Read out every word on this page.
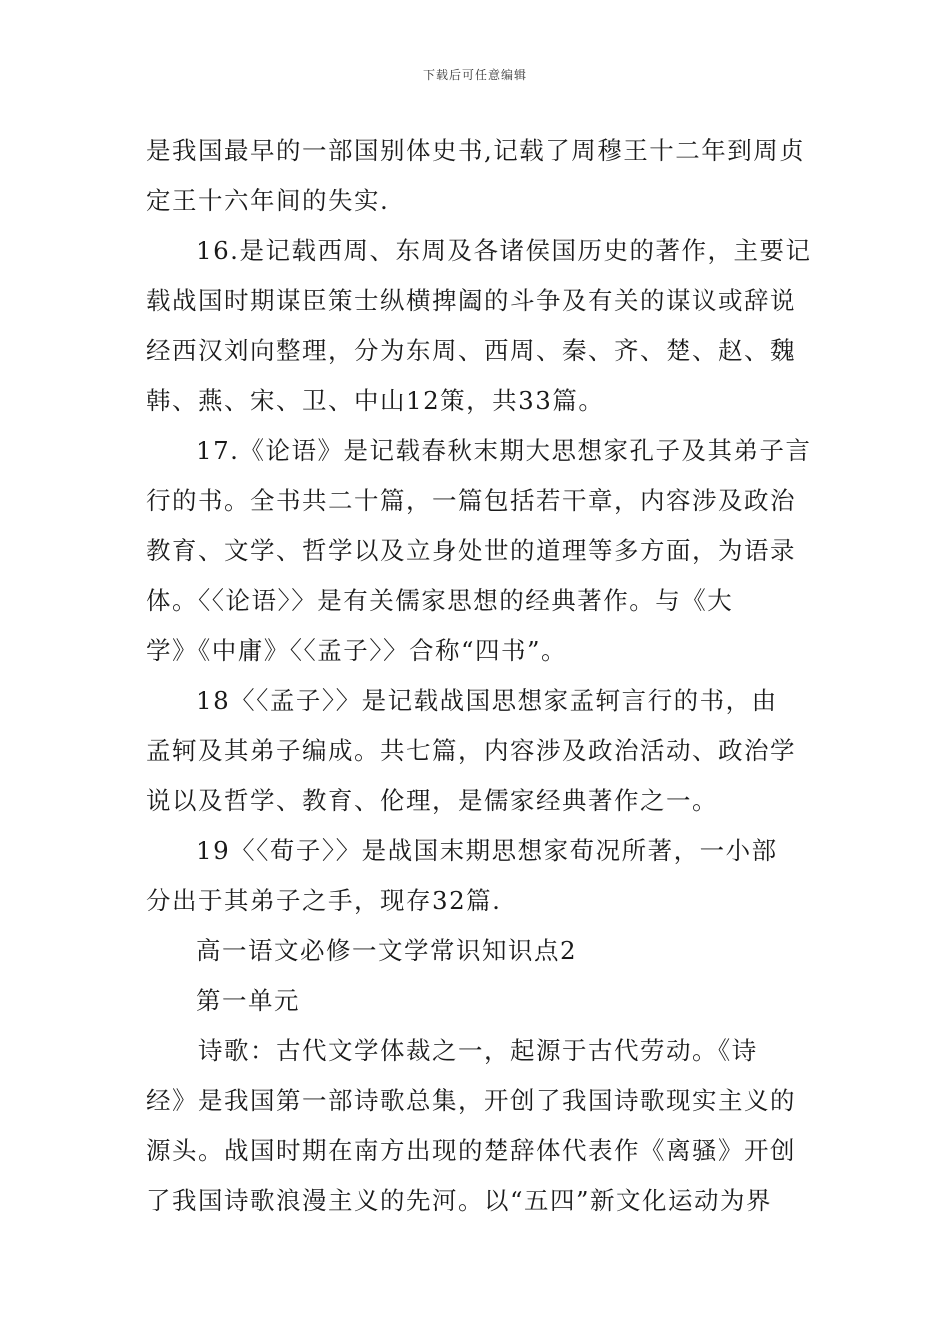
下载后可任意编辑
是我国最早的一部国别体史书,记载了周穆王十二年到周贞
定王十六年间的失实.
16.是记载西周、东周及各诸侯国历史的著作，主要记
载战国时期谋臣策士纵横捭阖的斗争及有关的谋议或辞说
经西汉刘向整理，分为东周、西周、秦、齐、楚、赵、魏
韩、燕、宋、卫、中山12策，共33篇。
17.《论语》是记载春秋末期大思想家孔子及其弟子言
行的书。全书共二十篇，一篇包括若干章，内容涉及政治
教育、文学、哲学以及立身处世的道理等多方面，为语录
体。〈〈论语〉〉是有关儒家思想的经典著作。与《大
学》《中庸》〈〈孟子〉〉合称“四书”。
18〈〈孟子〉〉是记载战国思想家孟轲言行的书，由
孟轲及其弟子编成。共七篇，内容涉及政治活动、政治学
说以及哲学、教育、伦理，是儒家经典著作之一。
19〈〈荀子〉〉是战国末期思想家荀况所著，一小部
分出于其弟子之手，现存32篇.
高一语文必修一文学常识知识点2
第一单元
诗歌：古代文学体裁之一，起源于古代劳动。《诗
经》是我国第一部诗歌总集，开创了我国诗歌现实主义的
源头。战国时期在南方出现的楚辞体代表作《离骚》开创
了我国诗歌浪漫主义的先河。以“五四”新文化运动为界
